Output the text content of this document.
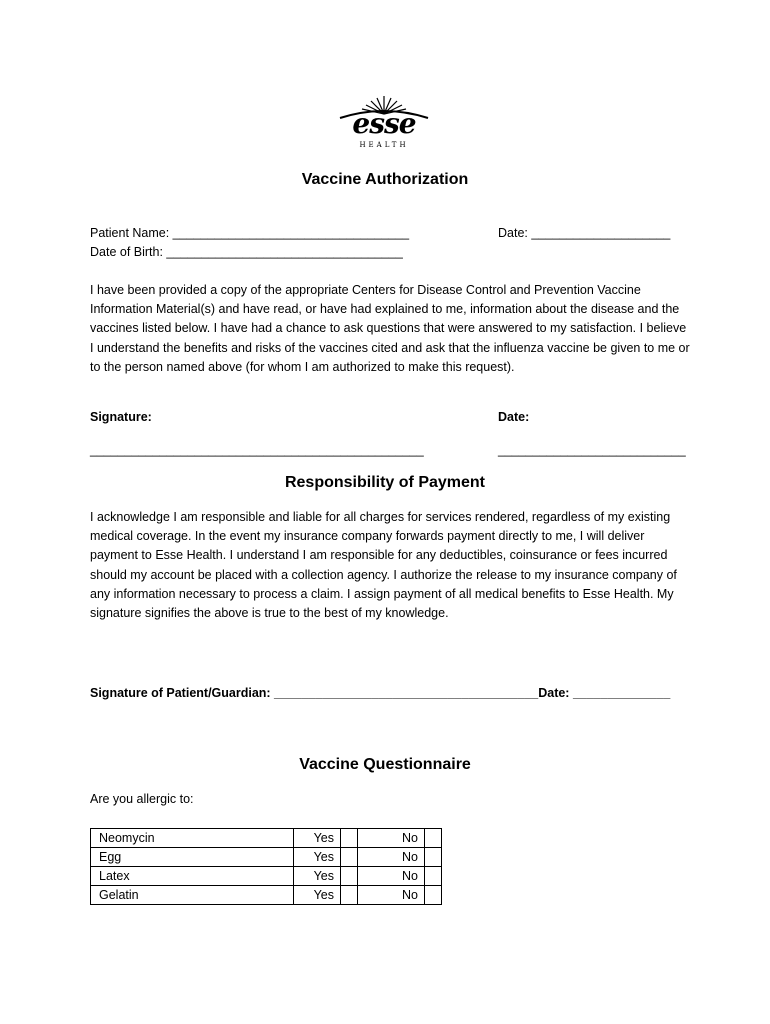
esse
HEALTH
Vaccine Authorization
Patient Name: __________________________________	Date: ____________________
Date of Birth: __________________________________
I have been provided a copy of the appropriate Centers for Disease Control and Prevention Vaccine Information Material(s) and have read, or have had explained to me, information about the disease and the vaccines listed below. I have had a chance to ask questions that were answered to my satisfaction. I believe I understand the benefits and risks of the vaccines cited and ask that the influenza vaccine be given to me or to the person named above (for whom I am authorized to make this request).
Signature:	Date:
________________________________________________	___________________________
Responsibility of Payment
I acknowledge I am responsible and liable for all charges for services rendered, regardless of my existing medical coverage. In the event my insurance company forwards payment directly to me, I will deliver payment to Esse Health. I understand I am responsible for any deductibles, coinsurance or fees incurred should my account be placed with a collection agency. I authorize the release to my insurance company of any information necessary to process a claim. I assign payment of all medical benefits to Esse Health. My signature signifies the above is true to the best of my knowledge.
Signature of Patient/Guardian: ______________________________________Date: ______________
Vaccine Questionnaire
Are you allergic to:
Neomycin	Yes			No	
Egg	Yes			No	
Latex	Yes			No	
Gelatin	Yes			No	
